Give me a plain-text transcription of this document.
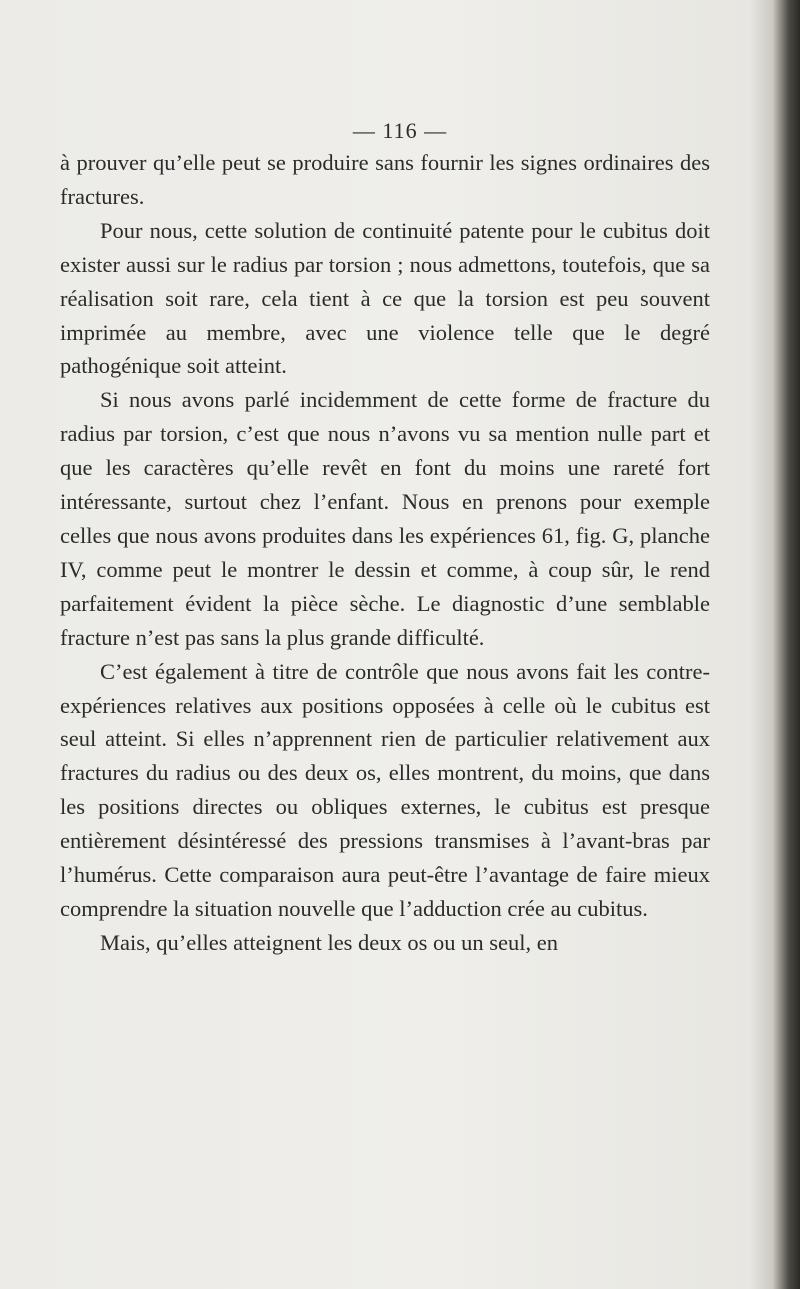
— 116 —

à prouver qu’elle peut se produire sans fournir les signes ordinaires des fractures.

Pour nous, cette solution de continuité patente pour le cubitus doit exister aussi sur le radius par torsion ; nous admettons, toutefois, que sa réalisation soit rare, cela tient à ce que la torsion est peu souvent imprimée au membre, avec une violence telle que le degré pathogénique soit atteint.

Si nous avons parlé incidemment de cette forme de fracture du radius par torsion, c’est que nous n’avons vu sa mention nulle part et que les caractères qu’elle revêt en font du moins une rareté fort intéressante, surtout chez l’enfant. Nous en prenons pour exemple celles que nous avons produites dans les expériences 61, fig. G, planche IV, comme peut le montrer le dessin et comme, à coup sûr, le rend parfaitement évident la pièce sèche. Le diagnostic d’une semblable fracture n’est pas sans la plus grande difficulté.

C’est également à titre de contrôle que nous avons fait les contre-expériences relatives aux positions opposées à celle où le cubitus est seul atteint. Si elles n’apprennent rien de particulier relativement aux fractures du radius ou des deux os, elles montrent, du moins, que dans les positions directes ou obliques externes, le cubitus est presque entièrement désintéressé des pressions transmises à l’avant-bras par l’humérus. Cette comparaison aura peut-être l’avantage de faire mieux comprendre la situation nouvelle que l’adduction crée au cubitus.

Mais, qu’elles atteignent les deux os ou un seul, en
